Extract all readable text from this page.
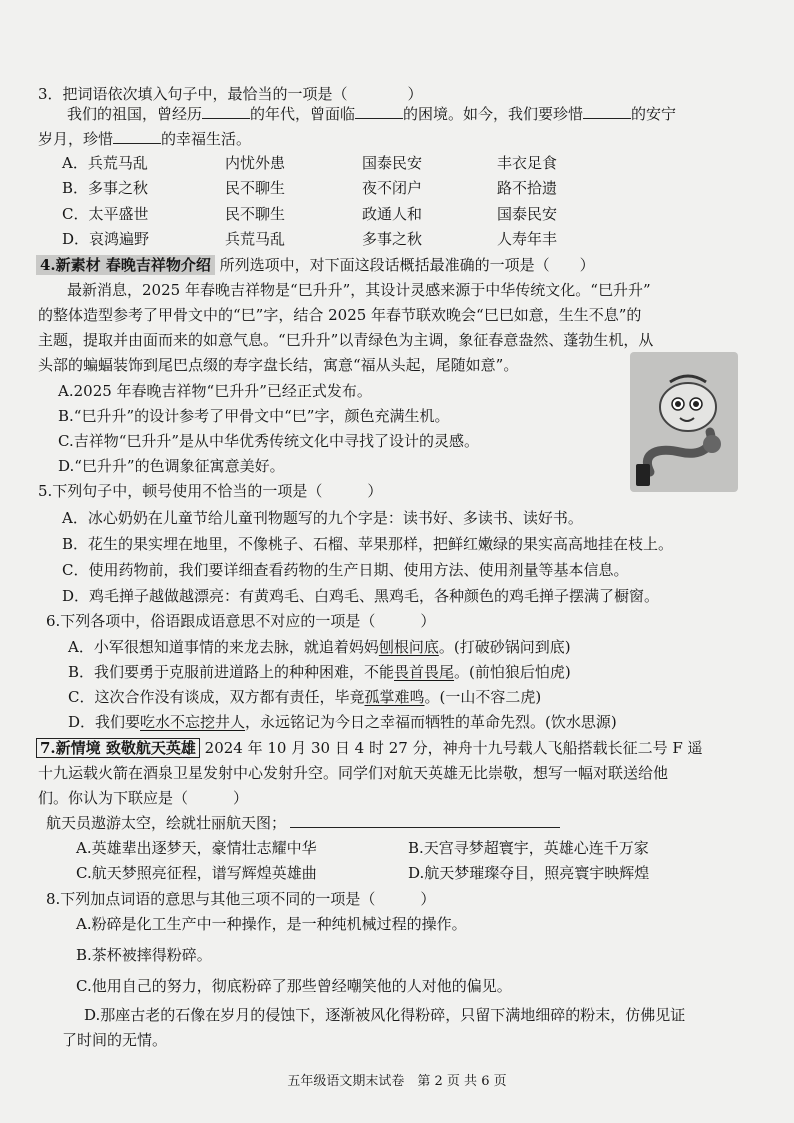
3．把词语依次填入句子中，最恰当的一项是（　　　　）
我们的祖国，曾经历	的年代，曾面临	的困境。如今，我们要珍惜	的安宁
岁月，珍惜	的幸福生活。
A．兵荒马乱	内忧外患	国泰民安	丰衣足食
B．多事之秋	民不聊生	夜不闭户	路不拾遗
C．太平盛世	民不聊生	政通人和	国泰民安
D．哀鸿遍野	兵荒马乱	多事之秋	人寿年丰
4.新素材 春晚吉祥物介绍 所列选项中，对下面这段话概括最准确的一项是（　　）
最新消息，2025 年春晚吉祥物是“巳升升”，其设计灵感来源于中华传统文化。“巳升升”
的整体造型参考了甲骨文中的“巳”字，结合 2025 年春节联欢晚会“巳巳如意，生生不息”的
主题，提取并由面而来的如意气息。“巳升升”以青绿色为主调，象征春意盎然、蓬勃生机，从
头部的蝙蝠装饰到尾巴点缀的寿字盘长结，寓意“福从头起，尾随如意”。
A.2025 年春晚吉祥物“巳升升”已经正式发布。
B.“巳升升”的设计参考了甲骨文中“巳”字，颜色充满生机。
C.吉祥物“巳升升”是从中华优秀传统文化中寻找了设计的灵感。
D.“巳升升”的色调象征寓意美好。
5.下列句子中，顿号使用不恰当的一项是（　　　）
A．冰心奶奶在儿童节给儿童刊物题写的九个字是：读书好、多读书、读好书。
B．花生的果实埋在地里，不像桃子、石榴、苹果那样，把鲜红嫩绿的果实高高地挂在枝上。
C．使用药物前，我们要详细查看药物的生产日期、使用方法、使用剂量等基本信息。
D．鸡毛掸子越做越漂亮：有黄鸡毛、白鸡毛、黑鸡毛，各种颜色的鸡毛掸子摆满了橱窗。
6.下列各项中，俗语跟成语意思不对应的一项是（　　　）
A．小军很想知道事情的来龙去脉，就追着妈妈刨根问底。(打破砂锅问到底)
B．我们要勇于克服前进道路上的种种困难，不能畏首畏尾。(前怕狼后怕虎)
C．这次合作没有谈成，双方都有责任，毕竟孤掌难鸣。(一山不容二虎)
D．我们要吃水不忘挖井人，永远铭记为今日之幸福而牺牲的革命先烈。(饮水思源)
7.新情境 致敬航天英雄 2024 年 10 月 30 日 4 时 27 分，神舟十九号载人飞船搭载长征二号 F 遥
十九运载火箭在酒泉卫星发射中心发射升空。同学们对航天英雄无比崇敬，想写一幅对联送给他
们。你认为下联应是（　　　）
航天员遨游太空，绘就壮丽航天图；
A.英雄辈出逐梦天，豪情壮志耀中华	B.天宫寻梦超寰宇，英雄心连千万家
C.航天梦照亮征程，谱写辉煌英雄曲	D.航天梦璀璨夺目，照亮寰宇映辉煌
8.下列加点词语的意思与其他三项不同的一项是（　　　）
A.粉碎是化工生产中一种操作，是一种纯机械过程的操作。
B.茶杯被摔得粉碎。
C.他用自己的努力，彻底粉碎了那些曾经嘲笑他的人对他的偏见。
D.那座古老的石像在岁月的侵蚀下，逐渐被风化得粉碎，只留下满地细碎的粉末，仿佛见证
了时间的无情。
五年级语文期末试卷　第 2 页 共 6 页
